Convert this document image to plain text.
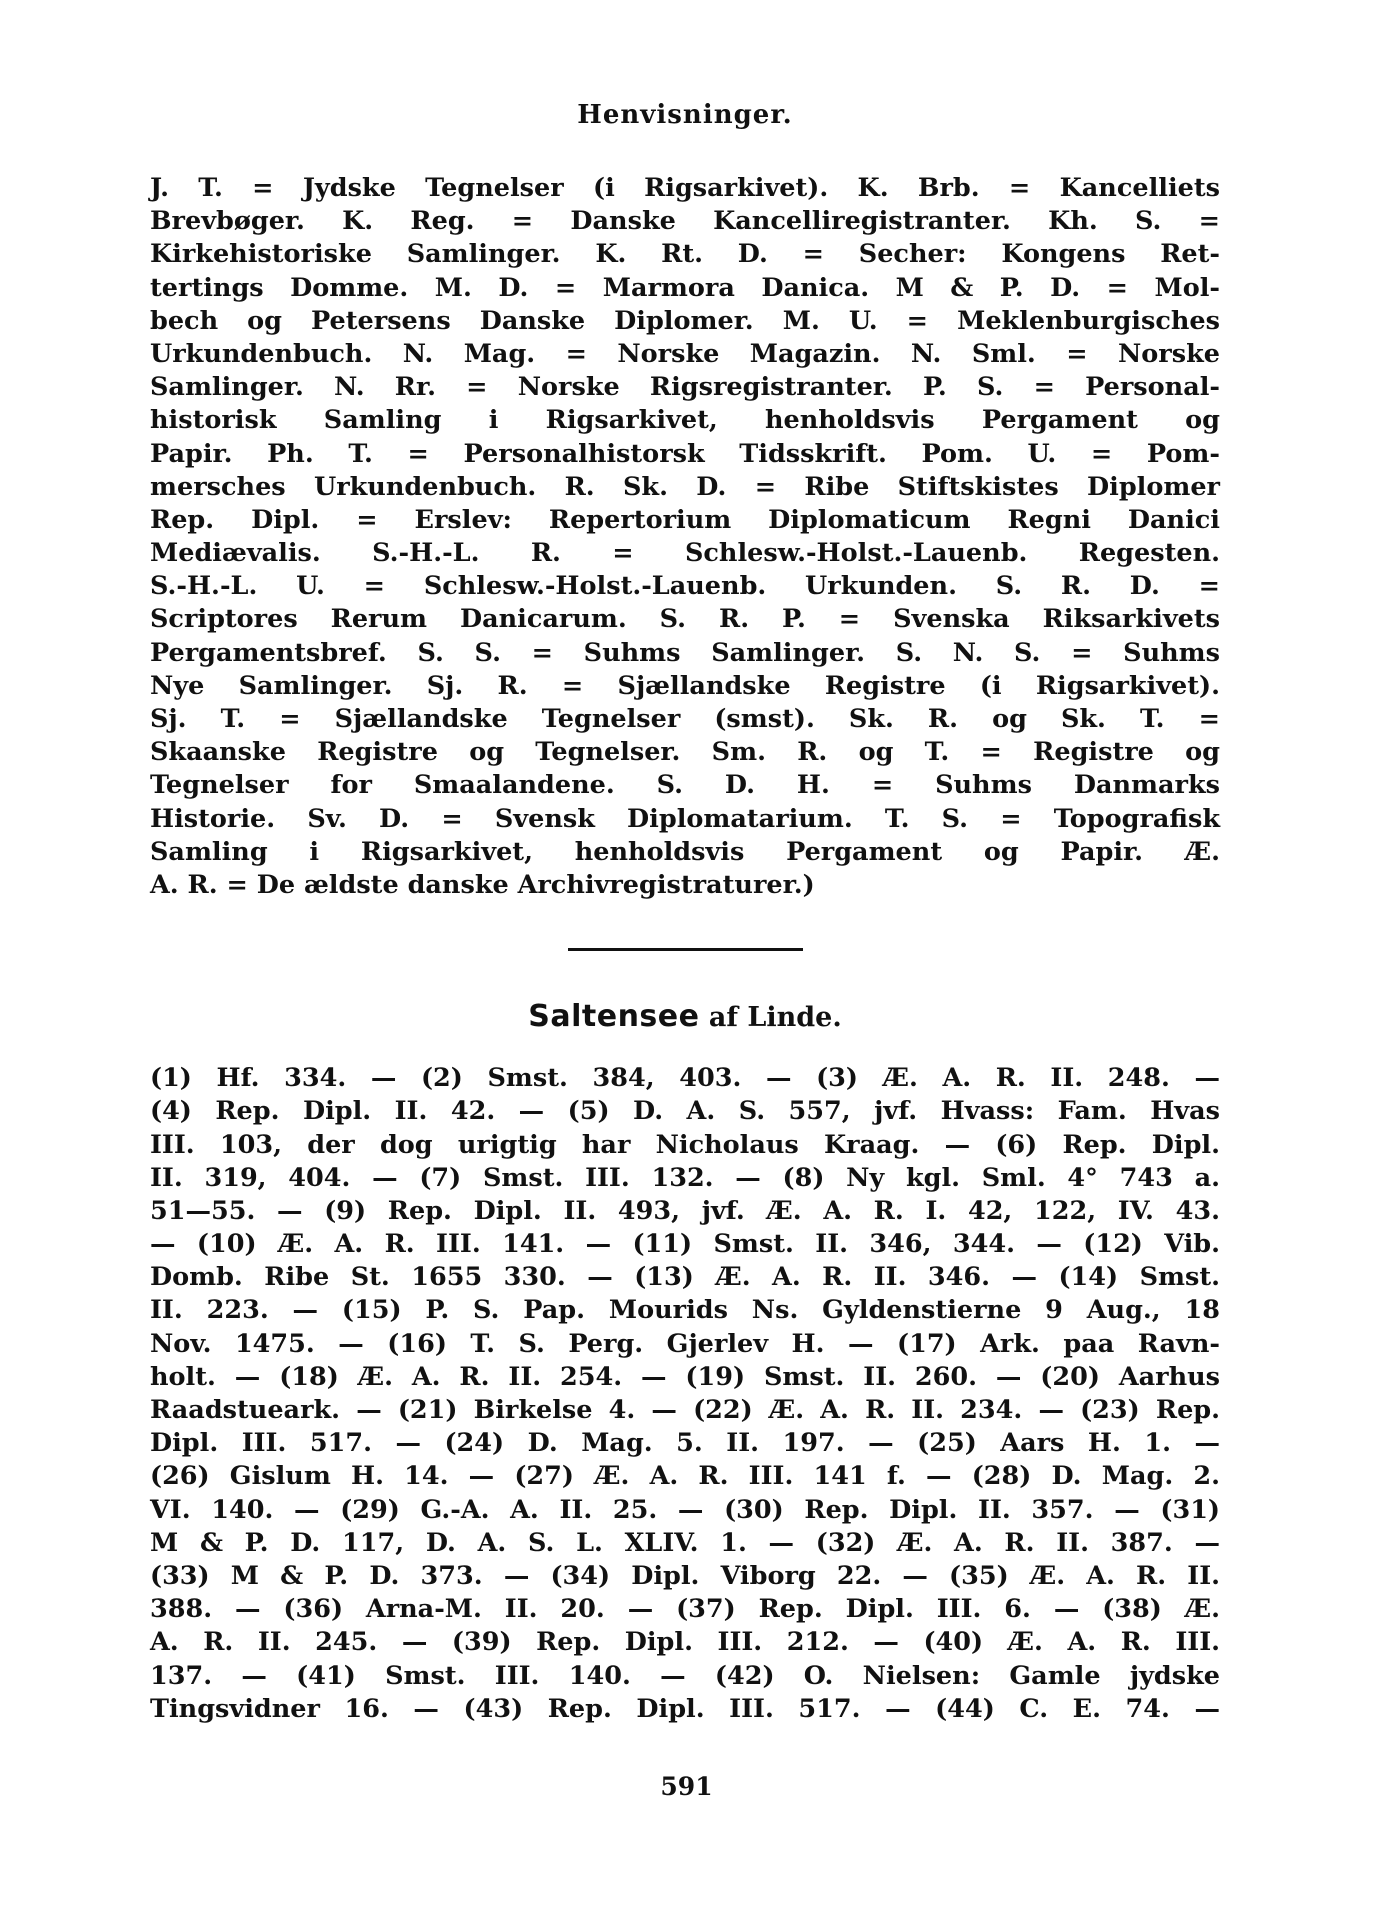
Henvisninger.
J. T. = Jydske Tegnelser (i Rigsarkivet). K. Brb. = Kancelliets
Brevbøger. K. Reg. = Danske Kancelliregistranter. Kh. S. =
Kirkehistoriske Samlinger. K. Rt. D. = Secher: Kongens Ret-
tertings Domme. M. D. = Marmora Danica. M & P. D. = Mol-
bech og Petersens Danske Diplomer. M. U. = Meklenburgisches
Urkundenbuch. N. Mag. = Norske Magazin. N. Sml. = Norske
Samlinger. N. Rr. = Norske Rigsregistranter. P. S. = Personal-
historisk Samling i Rigsarkivet, henholdsvis Pergament og
Papir. Ph. T. = Personalhistorsk Tidsskrift. Pom. U. = Pom-
mersches Urkundenbuch. R. Sk. D. = Ribe Stiftskistes Diplomer
Rep. Dipl. = Erslev: Repertorium Diplomaticum Regni Danici
Mediævalis. S.-H.-L. R. = Schlesw.-Holst.-Lauenb. Regesten.
S.-H.-L. U. = Schlesw.-Holst.-Lauenb. Urkunden. S. R. D. =
Scriptores Rerum Danicarum. S. R. P. = Svenska Riksarkivets
Pergamentsbref. S. S. = Suhms Samlinger. S. N. S. = Suhms
Nye Samlinger. Sj. R. = Sjællandske Registre (i Rigsarkivet).
Sj. T. = Sjællandske Tegnelser (smst). Sk. R. og Sk. T. =
Skaanske Registre og Tegnelser. Sm. R. og T. = Registre og
Tegnelser for Smaalandene. S. D. H. = Suhms Danmarks
Historie. Sv. D. = Svensk Diplomatarium. T. S. = Topografisk
Samling i Rigsarkivet, henholdsvis Pergament og Papir. Æ.
A. R. = De ældste danske Archivregistraturer.)
Saltensee af Linde.
(1) Hf. 334. — (2) Smst. 384, 403. — (3) Æ. A. R. II. 248. —
(4) Rep. Dipl. II. 42. — (5) D. A. S. 557, jvf. Hvass: Fam. Hvas
III. 103, der dog urigtig har Nicholaus Kraag. — (6) Rep. Dipl.
II. 319, 404. — (7) Smst. III. 132. — (8) Ny kgl. Sml. 4° 743 a.
51—55. — (9) Rep. Dipl. II. 493, jvf. Æ. A. R. I. 42, 122, IV. 43.
— (10) Æ. A. R. III. 141. — (11) Smst. II. 346, 344. — (12) Vib.
Domb. Ribe St. 1655 330. — (13) Æ. A. R. II. 346. — (14) Smst.
II. 223. — (15) P. S. Pap. Mourids Ns. Gyldenstierne 9 Aug., 18
Nov. 1475. — (16) T. S. Perg. Gjerlev H. — (17) Ark. paa Ravn-
holt. — (18) Æ. A. R. II. 254. — (19) Smst. II. 260. — (20) Aarhus
Raadstueark. — (21) Birkelse 4. — (22) Æ. A. R. II. 234. — (23) Rep.
Dipl. III. 517. — (24) D. Mag. 5. II. 197. — (25) Aars H. 1. —
(26) Gislum H. 14. — (27) Æ. A. R. III. 141 f. — (28) D. Mag. 2.
VI. 140. — (29) G.-A. A. II. 25. — (30) Rep. Dipl. II. 357. — (31)
M & P. D. 117, D. A. S. L. XLIV. 1. — (32) Æ. A. R. II. 387. —
(33) M & P. D. 373. — (34) Dipl. Viborg 22. — (35) Æ. A. R. II.
388. — (36) Arna-M. II. 20. — (37) Rep. Dipl. III. 6. — (38) Æ.
A. R. II. 245. — (39) Rep. Dipl. III. 212. — (40) Æ. A. R. III.
137. — (41) Smst. III. 140. — (42) O. Nielsen: Gamle jydske
Tingsvidner 16. — (43) Rep. Dipl. III. 517. — (44) C. E. 74. —
591
